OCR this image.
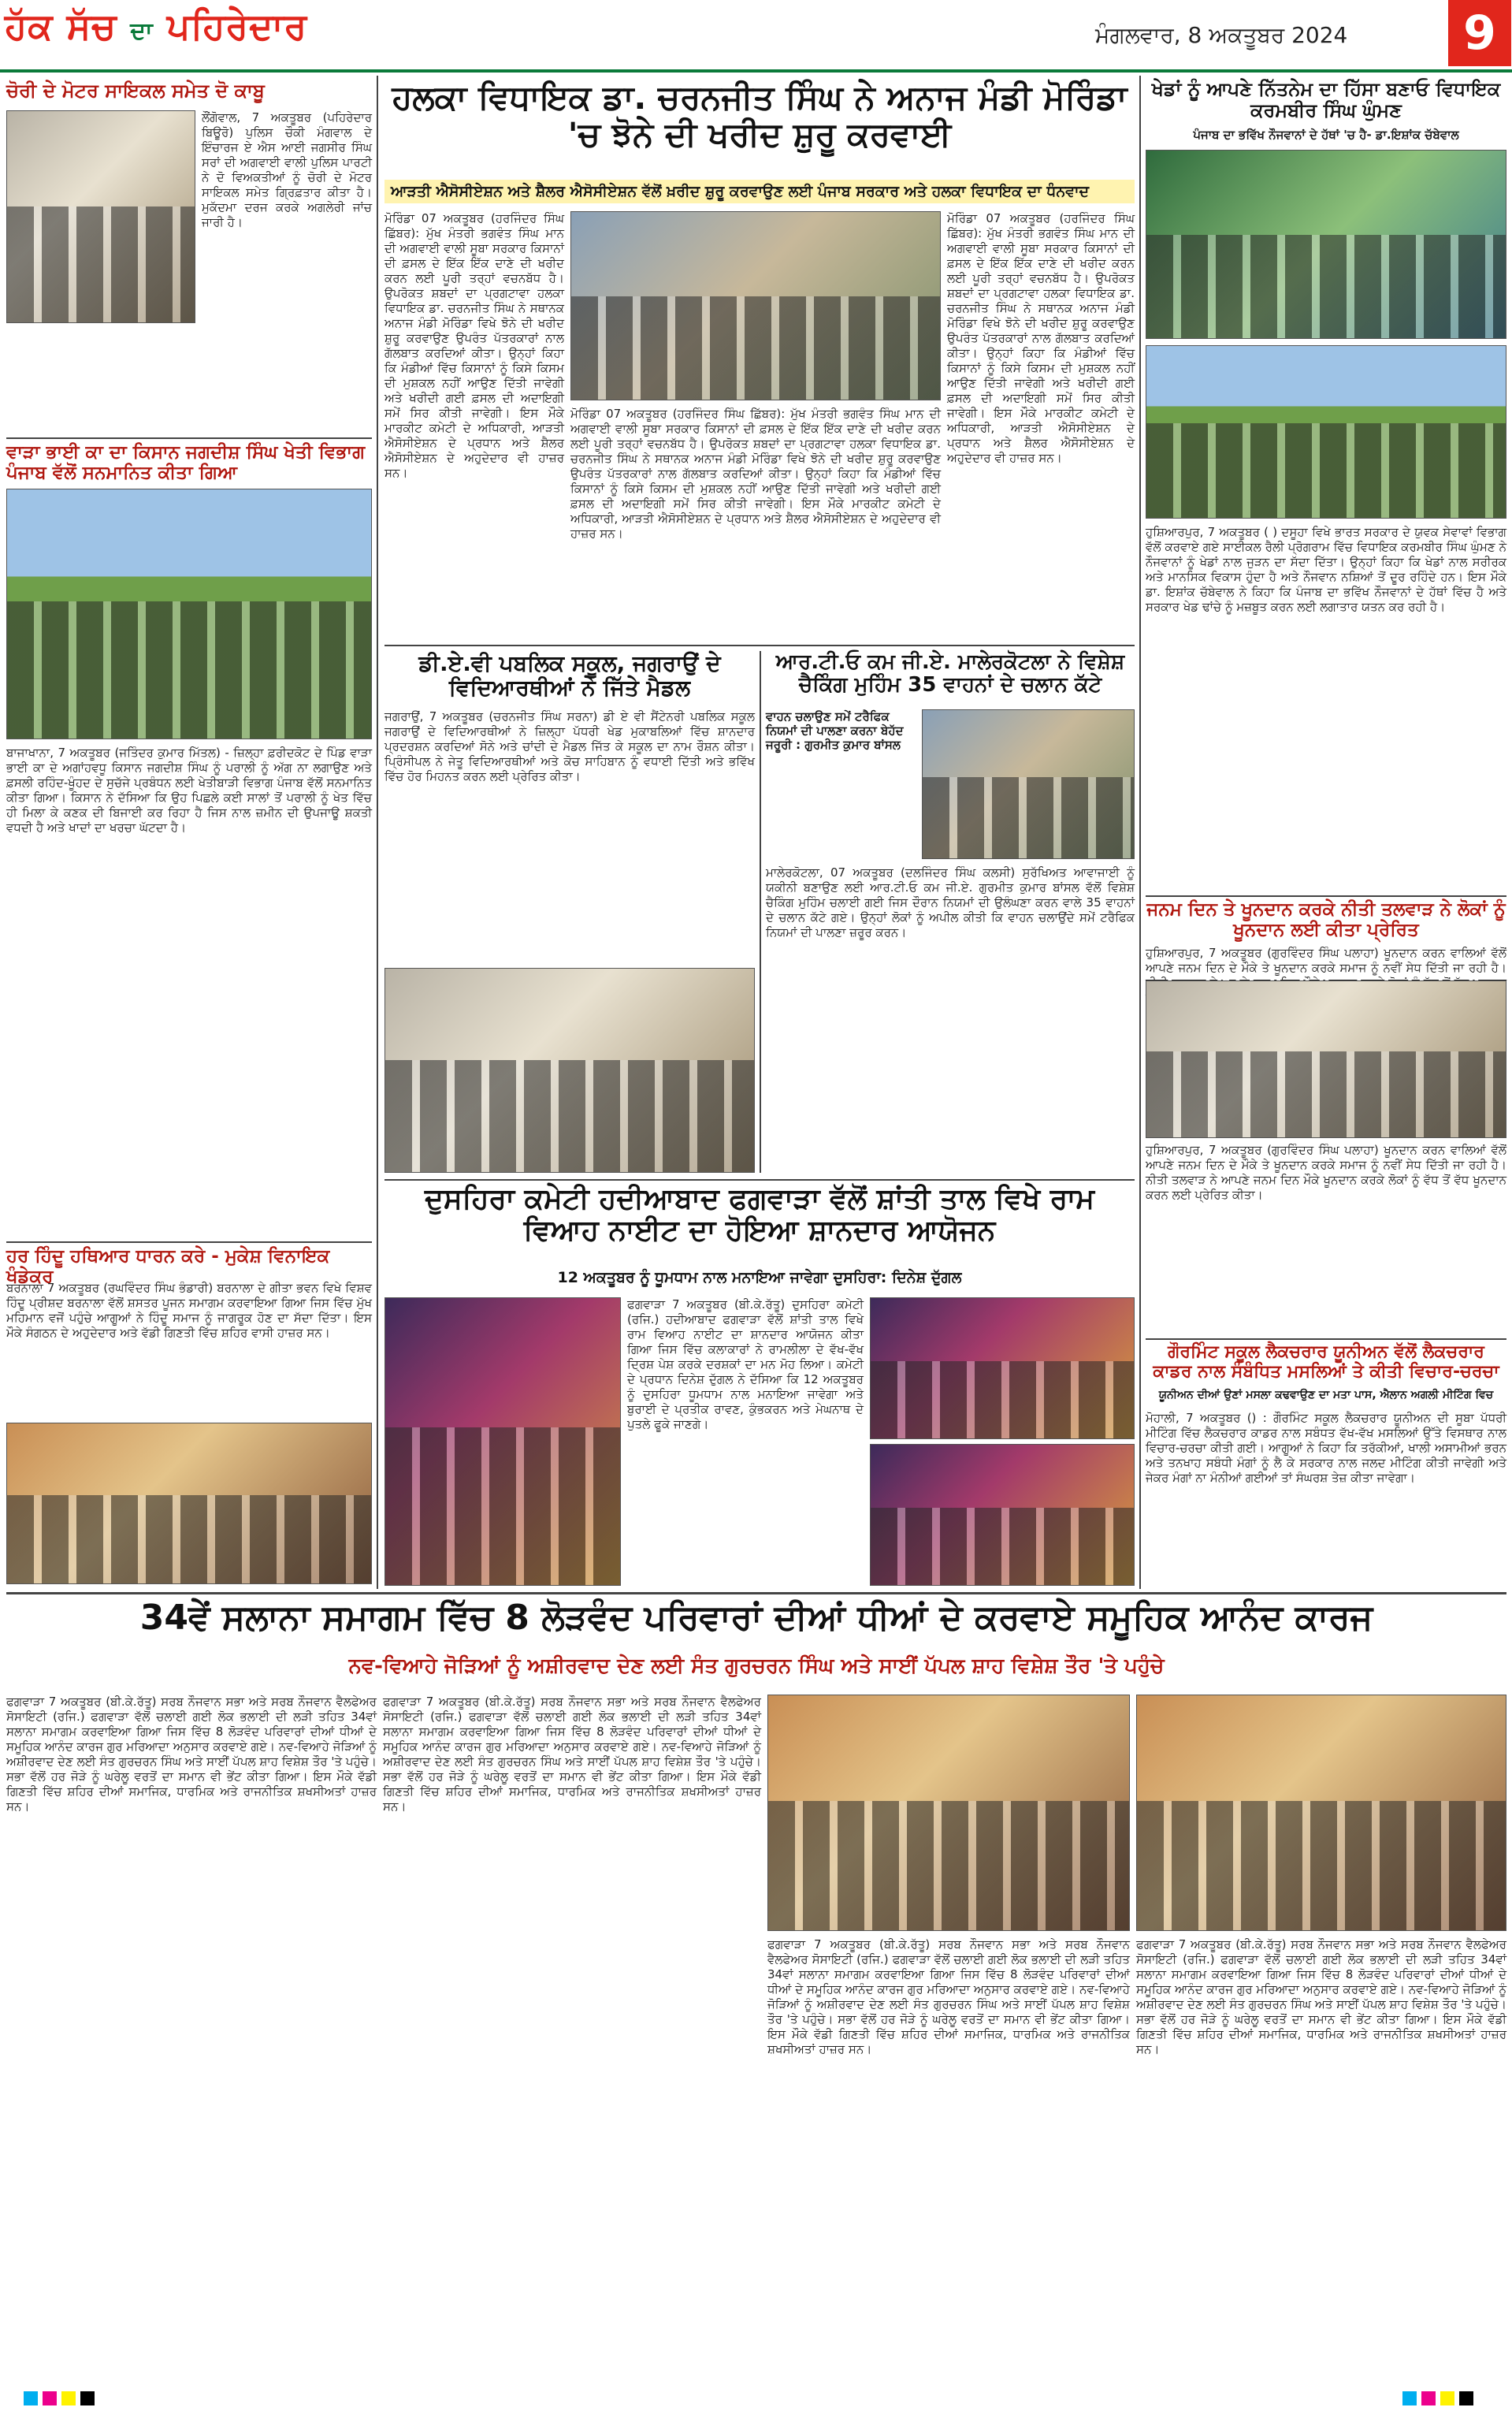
ਹੱਕ ਸੱਚ ਦਾ ਪਹਿਰੇਦਾਰ	ਮੰਗਲਵਾਰ, 8 ਅਕਤੂਬਰ 2024	9
ਚੋਰੀ ਦੇ ਮੋਟਰ ਸਾਇਕਲ ਸਮੇਤ ਦੋ ਕਾਬੂ
ਲੌਂਗੋਵਾਲ, 7 ਅਕਤੂਬਰ (ਪਹਿਰੇਦਾਰ ਬਿਊਰੋ) ਪੁਲਿਸ ਚੌਕੀ ਮੰਗਵਾਲ ਦੇ ਇੰਚਾਰਜ ਏ ਐਸ ਆਈ ਜਗਸੀਰ ਸਿੰਘ ਸਰਾਂ ਦੀ ਅਗਵਾਈ ਵਾਲੀ ਪੁਲਿਸ ਪਾਰਟੀ ਨੇ ਦੋ ਵਿਅਕਤੀਆਂ ਨੂੰ ਚੋਰੀ ਦੇ ਮੋਟਰ ਸਾਇਕਲ ਸਮੇਤ ਗ੍ਰਿਫ਼ਤਾਰ ਕੀਤਾ ਹੈ। ਮੁਕੱਦਮਾ ਦਰਜ ਕਰਕੇ ਅਗਲੇਰੀ ਜਾਂਚ ਜਾਰੀ ਹੈ।
ਵਾੜਾ ਭਾਈ ਕਾ ਦਾ ਕਿਸਾਨ ਜਗਦੀਸ਼ ਸਿੰਘ ਖੇਤੀ ਵਿਭਾਗ ਪੰਜਾਬ ਵੱਲੋਂ ਸਨਮਾਨਿਤ ਕੀਤਾ ਗਿਆ
ਬਾਜਾਖਾਨਾ, 7 ਅਕਤੂਬਰ (ਜਤਿੰਦਰ ਕੁਮਾਰ ਮਿੱਤਲ) - ਜ਼ਿਲ੍ਹਾ ਫ਼ਰੀਦਕੋਟ ਦੇ ਪਿੰਡ ਵਾੜਾ ਭਾਈ ਕਾ ਦੇ ਅਗਾਂਹਵਧੂ ਕਿਸਾਨ ਜਗਦੀਸ਼ ਸਿੰਘ ਨੂੰ ਪਰਾਲੀ ਨੂੰ ਅੱਗ ਨਾ ਲਗਾਉਣ ਅਤੇ ਫ਼ਸਲੀ ਰਹਿੰਦ-ਖੂੰਹਦ ਦੇ ਸੁਚੱਜੇ ਪ੍ਰਬੰਧਨ ਲਈ ਖੇਤੀਬਾੜੀ ਵਿਭਾਗ ਪੰਜਾਬ ਵੱਲੋਂ ਸਨਮਾਨਿਤ ਕੀਤਾ ਗਿਆ। ਕਿਸਾਨ ਨੇ ਦੱਸਿਆ ਕਿ ਉਹ ਪਿਛਲੇ ਕਈ ਸਾਲਾਂ ਤੋਂ ਪਰਾਲੀ ਨੂੰ ਖੇਤ ਵਿੱਚ ਹੀ ਮਿਲਾ ਕੇ ਕਣਕ ਦੀ ਬਿਜਾਈ ਕਰ ਰਿਹਾ ਹੈ ਜਿਸ ਨਾਲ ਜ਼ਮੀਨ ਦੀ ਉਪਜਾਊ ਸ਼ਕਤੀ ਵਧਦੀ ਹੈ ਅਤੇ ਖਾਦਾਂ ਦਾ ਖਰਚਾ ਘੱਟਦਾ ਹੈ।
ਹਰ ਹਿੰਦੂ ਹਥਿਆਰ ਧਾਰਨ ਕਰੇ - ਮੁਕੇਸ਼ ਵਿਨਾਇਕ ਖੰਡੇਕਰ
ਬਰਨਾਲਾ 7 ਅਕਤੂਬਰ (ਰਘਵਿੰਦਰ ਸਿੰਘ ਭੰਡਾਰੀ) ਬਰਨਾਲਾ ਦੇ ਗੀਤਾ ਭਵਨ ਵਿਖੇ ਵਿਸ਼ਵ ਹਿੰਦੂ ਪ੍ਰੀਸ਼ਦ ਬਰਨਾਲਾ ਵੱਲੋਂ ਸ਼ਸਤਰ ਪੂਜਨ ਸਮਾਗਮ ਕਰਵਾਇਆ ਗਿਆ ਜਿਸ ਵਿੱਚ ਮੁੱਖ ਮਹਿਮਾਨ ਵਜੋਂ ਪਹੁੰਚੇ ਆਗੂਆਂ ਨੇ ਹਿੰਦੂ ਸਮਾਜ ਨੂੰ ਜਾਗਰੂਕ ਹੋਣ ਦਾ ਸੱਦਾ ਦਿੱਤਾ। ਇਸ ਮੌਕੇ ਸੰਗਠਨ ਦੇ ਅਹੁਦੇਦਾਰ ਅਤੇ ਵੱਡੀ ਗਿਣਤੀ ਵਿੱਚ ਸ਼ਹਿਰ ਵਾਸੀ ਹਾਜ਼ਰ ਸਨ।
ਹਲਕਾ ਵਿਧਾਇਕ ਡਾ. ਚਰਨਜੀਤ ਸਿੰਘ ਨੇ ਅਨਾਜ ਮੰਡੀ ਮੋਰਿੰਡਾ 'ਚ ਝੋਨੇ ਦੀ ਖਰੀਦ ਸ਼ੁਰੂ ਕਰਵਾਈ
ਆੜਤੀ ਐਸੋਸੀਏਸ਼ਨ ਅਤੇ ਸ਼ੈਲਰ ਐਸੋਸੀਏਸ਼ਨ ਵੱਲੋਂ ਖ਼ਰੀਦ ਸ਼ੁਰੂ ਕਰਵਾਉਣ ਲਈ ਪੰਜਾਬ ਸਰਕਾਰ ਅਤੇ ਹਲਕਾ ਵਿਧਾਇਕ ਦਾ ਧੰਨਵਾਦ
ਮੋਰਿੰਡਾ 07 ਅਕਤੂਬਰ (ਹਰਜਿੰਦਰ ਸਿੰਘ ਛਿੱਬਰ): ਮੁੱਖ ਮੰਤਰੀ ਭਗਵੰਤ ਸਿੰਘ ਮਾਨ ਦੀ ਅਗਵਾਈ ਵਾਲੀ ਸੂਬਾ ਸਰਕਾਰ ਕਿਸਾਨਾਂ ਦੀ ਫ਼ਸਲ ਦੇ ਇੱਕ ਇੱਕ ਦਾਣੇ ਦੀ ਖਰੀਦ ਕਰਨ ਲਈ ਪੂਰੀ ਤਰ੍ਹਾਂ ਵਚਨਬੱਧ ਹੈ। ਉਪਰੋਕਤ ਸ਼ਬਦਾਂ ਦਾ ਪ੍ਰਗਟਾਵਾ ਹਲਕਾ ਵਿਧਾਇਕ ਡਾ. ਚਰਨਜੀਤ ਸਿੰਘ ਨੇ ਸਥਾਨਕ ਅਨਾਜ ਮੰਡੀ ਮੋਰਿੰਡਾ ਵਿਖੇ ਝੋਨੇ ਦੀ ਖਰੀਦ ਸ਼ੁਰੂ ਕਰਵਾਉਣ ਉਪਰੰਤ ਪੱਤਰਕਾਰਾਂ ਨਾਲ ਗੱਲਬਾਤ ਕਰਦਿਆਂ ਕੀਤਾ। ਉਨ੍ਹਾਂ ਕਿਹਾ ਕਿ ਮੰਡੀਆਂ ਵਿੱਚ ਕਿਸਾਨਾਂ ਨੂੰ ਕਿਸੇ ਕਿਸਮ ਦੀ ਮੁਸ਼ਕਲ ਨਹੀਂ ਆਉਣ ਦਿੱਤੀ ਜਾਵੇਗੀ ਅਤੇ ਖਰੀਦੀ ਗਈ ਫ਼ਸਲ ਦੀ ਅਦਾਇਗੀ ਸਮੇਂ ਸਿਰ ਕੀਤੀ ਜਾਵੇਗੀ। ਇਸ ਮੌਕੇ ਮਾਰਕੀਟ ਕਮੇਟੀ ਦੇ ਅਧਿਕਾਰੀ, ਆੜਤੀ ਐਸੋਸੀਏਸ਼ਨ ਦੇ ਪ੍ਰਧਾਨ ਅਤੇ ਸ਼ੈਲਰ ਐਸੋਸੀਏਸ਼ਨ ਦੇ ਅਹੁਦੇਦਾਰ ਵੀ ਹਾਜ਼ਰ ਸਨ।
ਮੋਰਿੰਡਾ 07 ਅਕਤੂਬਰ (ਹਰਜਿੰਦਰ ਸਿੰਘ ਛਿੱਬਰ): ਮੁੱਖ ਮੰਤਰੀ ਭਗਵੰਤ ਸਿੰਘ ਮਾਨ ਦੀ ਅਗਵਾਈ ਵਾਲੀ ਸੂਬਾ ਸਰਕਾਰ ਕਿਸਾਨਾਂ ਦੀ ਫ਼ਸਲ ਦੇ ਇੱਕ ਇੱਕ ਦਾਣੇ ਦੀ ਖਰੀਦ ਕਰਨ ਲਈ ਪੂਰੀ ਤਰ੍ਹਾਂ ਵਚਨਬੱਧ ਹੈ। ਉਪਰੋਕਤ ਸ਼ਬਦਾਂ ਦਾ ਪ੍ਰਗਟਾਵਾ ਹਲਕਾ ਵਿਧਾਇਕ ਡਾ. ਚਰਨਜੀਤ ਸਿੰਘ ਨੇ ਸਥਾਨਕ ਅਨਾਜ ਮੰਡੀ ਮੋਰਿੰਡਾ ਵਿਖੇ ਝੋਨੇ ਦੀ ਖਰੀਦ ਸ਼ੁਰੂ ਕਰਵਾਉਣ ਉਪਰੰਤ ਪੱਤਰਕਾਰਾਂ ਨਾਲ ਗੱਲਬਾਤ ਕਰਦਿਆਂ ਕੀਤਾ। ਉਨ੍ਹਾਂ ਕਿਹਾ ਕਿ ਮੰਡੀਆਂ ਵਿੱਚ ਕਿਸਾਨਾਂ ਨੂੰ ਕਿਸੇ ਕਿਸਮ ਦੀ ਮੁਸ਼ਕਲ ਨਹੀਂ ਆਉਣ ਦਿੱਤੀ ਜਾਵੇਗੀ ਅਤੇ ਖਰੀਦੀ ਗਈ ਫ਼ਸਲ ਦੀ ਅਦਾਇਗੀ ਸਮੇਂ ਸਿਰ ਕੀਤੀ ਜਾਵੇਗੀ। ਇਸ ਮੌਕੇ ਮਾਰਕੀਟ ਕਮੇਟੀ ਦੇ ਅਧਿਕਾਰੀ, ਆੜਤੀ ਐਸੋਸੀਏਸ਼ਨ ਦੇ ਪ੍ਰਧਾਨ ਅਤੇ ਸ਼ੈਲਰ ਐਸੋਸੀਏਸ਼ਨ ਦੇ ਅਹੁਦੇਦਾਰ ਵੀ ਹਾਜ਼ਰ ਸਨ।
ਮੋਰਿੰਡਾ 07 ਅਕਤੂਬਰ (ਹਰਜਿੰਦਰ ਸਿੰਘ ਛਿੱਬਰ): ਮੁੱਖ ਮੰਤਰੀ ਭਗਵੰਤ ਸਿੰਘ ਮਾਨ ਦੀ ਅਗਵਾਈ ਵਾਲੀ ਸੂਬਾ ਸਰਕਾਰ ਕਿਸਾਨਾਂ ਦੀ ਫ਼ਸਲ ਦੇ ਇੱਕ ਇੱਕ ਦਾਣੇ ਦੀ ਖਰੀਦ ਕਰਨ ਲਈ ਪੂਰੀ ਤਰ੍ਹਾਂ ਵਚਨਬੱਧ ਹੈ। ਉਪਰੋਕਤ ਸ਼ਬਦਾਂ ਦਾ ਪ੍ਰਗਟਾਵਾ ਹਲਕਾ ਵਿਧਾਇਕ ਡਾ. ਚਰਨਜੀਤ ਸਿੰਘ ਨੇ ਸਥਾਨਕ ਅਨਾਜ ਮੰਡੀ ਮੋਰਿੰਡਾ ਵਿਖੇ ਝੋਨੇ ਦੀ ਖਰੀਦ ਸ਼ੁਰੂ ਕਰਵਾਉਣ ਉਪਰੰਤ ਪੱਤਰਕਾਰਾਂ ਨਾਲ ਗੱਲਬਾਤ ਕਰਦਿਆਂ ਕੀਤਾ। ਉਨ੍ਹਾਂ ਕਿਹਾ ਕਿ ਮੰਡੀਆਂ ਵਿੱਚ ਕਿਸਾਨਾਂ ਨੂੰ ਕਿਸੇ ਕਿਸਮ ਦੀ ਮੁਸ਼ਕਲ ਨਹੀਂ ਆਉਣ ਦਿੱਤੀ ਜਾਵੇਗੀ ਅਤੇ ਖਰੀਦੀ ਗਈ ਫ਼ਸਲ ਦੀ ਅਦਾਇਗੀ ਸਮੇਂ ਸਿਰ ਕੀਤੀ ਜਾਵੇਗੀ। ਇਸ ਮੌਕੇ ਮਾਰਕੀਟ ਕਮੇਟੀ ਦੇ ਅਧਿਕਾਰੀ, ਆੜਤੀ ਐਸੋਸੀਏਸ਼ਨ ਦੇ ਪ੍ਰਧਾਨ ਅਤੇ ਸ਼ੈਲਰ ਐਸੋਸੀਏਸ਼ਨ ਦੇ ਅਹੁਦੇਦਾਰ ਵੀ ਹਾਜ਼ਰ ਸਨ।
ਡੀ.ਏ.ਵੀ ਪਬਲਿਕ ਸਕੂਲ, ਜਗਰਾਉਂ ਦੇ ਵਿਦਿਆਰਥੀਆਂ ਨੇ ਜਿੱਤੇ ਮੈਡਲ
ਜਗਰਾਉਂ, 7 ਅਕਤੂਬਰ (ਚਰਨਜੀਤ ਸਿੰਘ ਸਰਨਾ) ਡੀ ਏ ਵੀ ਸੈਂਟੇਨਰੀ ਪਬਲਿਕ ਸਕੂਲ ਜਗਰਾਉਂ ਦੇ ਵਿਦਿਆਰਥੀਆਂ ਨੇ ਜ਼ਿਲ੍ਹਾ ਪੱਧਰੀ ਖੇਡ ਮੁਕਾਬਲਿਆਂ ਵਿੱਚ ਸ਼ਾਨਦਾਰ ਪ੍ਰਦਰਸ਼ਨ ਕਰਦਿਆਂ ਸੋਨੇ ਅਤੇ ਚਾਂਦੀ ਦੇ ਮੈਡਲ ਜਿੱਤ ਕੇ ਸਕੂਲ ਦਾ ਨਾਮ ਰੌਸ਼ਨ ਕੀਤਾ। ਪ੍ਰਿੰਸੀਪਲ ਨੇ ਜੇਤੂ ਵਿਦਿਆਰਥੀਆਂ ਅਤੇ ਕੋਚ ਸਾਹਿਬਾਨ ਨੂੰ ਵਧਾਈ ਦਿੱਤੀ ਅਤੇ ਭਵਿੱਖ ਵਿੱਚ ਹੋਰ ਮਿਹਨਤ ਕਰਨ ਲਈ ਪ੍ਰੇਰਿਤ ਕੀਤਾ।
ਆਰ.ਟੀ.ਓ ਕਮ ਜੀ.ਏ. ਮਾਲੇਰਕੋਟਲਾ ਨੇ ਵਿਸ਼ੇਸ਼ ਚੈਕਿੰਗ ਮੁਹਿੰਮ 35 ਵਾਹਨਾਂ ਦੇ ਚਲਾਨ ਕੱਟੇ
ਵਾਹਨ ਚਲਾਉਣ ਸਮੇਂ ਟਰੈਫਿਕ ਨਿਯਮਾਂ ਦੀ ਪਾਲਣਾ ਕਰਨਾ ਬੇਹੱਦ ਜਰੂਰੀ : ਗੁਰਮੀਤ ਕੁਮਾਰ ਬਾਂਸਲ
ਮਾਲੇਰਕੋਟਲਾ, 07 ਅਕਤੂਬਰ (ਦਲਜਿੰਦਰ ਸਿੰਘ ਕਲਸੀ) ਸੁਰੱਖਿਅਤ ਆਵਾਜਾਈ ਨੂੰ ਯਕੀਨੀ ਬਣਾਉਣ ਲਈ ਆਰ.ਟੀ.ਓ ਕਮ ਜੀ.ਏ. ਗੁਰਮੀਤ ਕੁਮਾਰ ਬਾਂਸਲ ਵੱਲੋਂ ਵਿਸ਼ੇਸ਼ ਚੈਕਿੰਗ ਮੁਹਿੰਮ ਚਲਾਈ ਗਈ ਜਿਸ ਦੌਰਾਨ ਨਿਯਮਾਂ ਦੀ ਉਲੰਘਣਾ ਕਰਨ ਵਾਲੇ 35 ਵਾਹਨਾਂ ਦੇ ਚਲਾਨ ਕੱਟੇ ਗਏ। ਉਨ੍ਹਾਂ ਲੋਕਾਂ ਨੂੰ ਅਪੀਲ ਕੀਤੀ ਕਿ ਵਾਹਨ ਚਲਾਉਂਦੇ ਸਮੇਂ ਟਰੈਫਿਕ ਨਿਯਮਾਂ ਦੀ ਪਾਲਣਾ ਜ਼ਰੂਰ ਕਰਨ।
ਦੁਸਹਿਰਾ ਕਮੇਟੀ ਹਦੀਆਬਾਦ ਫਗਵਾੜਾ ਵੱਲੋਂ ਸ਼ਾਂਤੀ ਤਾਲ ਵਿਖੇ ਰਾਮ ਵਿਆਹ ਨਾਈਟ ਦਾ ਹੋਇਆ ਸ਼ਾਨਦਾਰ ਆਯੋਜਨ
12 ਅਕਤੂਬਰ ਨੂੰ ਧੂਮਧਾਮ ਨਾਲ ਮਨਾਇਆ ਜਾਵੇਗਾ ਦੁਸਹਿਰਾ: ਦਿਨੇਸ਼ ਦੁੱਗਲ
ਫਗਵਾੜਾ 7 ਅਕਤੂਬਰ (ਬੀ.ਕੇ.ਰੱਤੂ) ਦੁਸਹਿਰਾ ਕਮੇਟੀ (ਰਜਿ.) ਹਦੀਆਬਾਦ ਫਗਵਾੜਾ ਵੱਲੋਂ ਸ਼ਾਂਤੀ ਤਾਲ ਵਿਖੇ ਰਾਮ ਵਿਆਹ ਨਾਈਟ ਦਾ ਸ਼ਾਨਦਾਰ ਆਯੋਜਨ ਕੀਤਾ ਗਿਆ ਜਿਸ ਵਿੱਚ ਕਲਾਕਾਰਾਂ ਨੇ ਰਾਮਲੀਲਾ ਦੇ ਵੱਖ-ਵੱਖ ਦ੍ਰਿਸ਼ ਪੇਸ਼ ਕਰਕੇ ਦਰਸ਼ਕਾਂ ਦਾ ਮਨ ਮੋਹ ਲਿਆ। ਕਮੇਟੀ ਦੇ ਪ੍ਰਧਾਨ ਦਿਨੇਸ਼ ਦੁੱਗਲ ਨੇ ਦੱਸਿਆ ਕਿ 12 ਅਕਤੂਬਰ ਨੂੰ ਦੁਸਹਿਰਾ ਧੂਮਧਾਮ ਨਾਲ ਮਨਾਇਆ ਜਾਵੇਗਾ ਅਤੇ ਬੁਰਾਈ ਦੇ ਪ੍ਰਤੀਕ ਰਾਵਣ, ਕੁੰਭਕਰਨ ਅਤੇ ਮੇਘਨਾਥ ਦੇ ਪੁਤਲੇ ਫੂਕੇ ਜਾਣਗੇ।
ਖੇਡਾਂ ਨੂੰ ਆਪਣੇ ਨਿੱਤਨੇਮ ਦਾ ਹਿੱਸਾ ਬਣਾਓ ਵਿਧਾਇਕ ਕਰਮਬੀਰ ਸਿੰਘ ਘੁੰਮਣ
ਪੰਜਾਬ ਦਾ ਭਵਿੱਖ ਨੌਜਵਾਨਾਂ ਦੇ ਹੱਥਾਂ 'ਚ ਹੈ- ਡਾ.ਇਸ਼ਾਂਕ ਚੱਬੇਵਾਲ
ਹੁਸ਼ਿਆਰਪੁਰ, 7 ਅਕਤੂਬਰ ( ) ਦਸੂਹਾ ਵਿਖੇ ਭਾਰਤ ਸਰਕਾਰ ਦੇ ਯੁਵਕ ਸੇਵਾਵਾਂ ਵਿਭਾਗ ਵੱਲੋਂ ਕਰਵਾਏ ਗਏ ਸਾਈਕਲ ਰੈਲੀ ਪ੍ਰੋਗਰਾਮ ਵਿੱਚ ਵਿਧਾਇਕ ਕਰਮਬੀਰ ਸਿੰਘ ਘੁੰਮਣ ਨੇ ਨੌਜਵਾਨਾਂ ਨੂੰ ਖੇਡਾਂ ਨਾਲ ਜੁੜਨ ਦਾ ਸੱਦਾ ਦਿੱਤਾ। ਉਨ੍ਹਾਂ ਕਿਹਾ ਕਿ ਖੇਡਾਂ ਨਾਲ ਸਰੀਰਕ ਅਤੇ ਮਾਨਸਿਕ ਵਿਕਾਸ ਹੁੰਦਾ ਹੈ ਅਤੇ ਨੌਜਵਾਨ ਨਸ਼ਿਆਂ ਤੋਂ ਦੂਰ ਰਹਿੰਦੇ ਹਨ। ਇਸ ਮੌਕੇ ਡਾ. ਇਸ਼ਾਂਕ ਚੱਬੇਵਾਲ ਨੇ ਕਿਹਾ ਕਿ ਪੰਜਾਬ ਦਾ ਭਵਿੱਖ ਨੌਜਵਾਨਾਂ ਦੇ ਹੱਥਾਂ ਵਿੱਚ ਹੈ ਅਤੇ ਸਰਕਾਰ ਖੇਡ ਢਾਂਚੇ ਨੂੰ ਮਜ਼ਬੂਤ ਕਰਨ ਲਈ ਲਗਾਤਾਰ ਯਤਨ ਕਰ ਰਹੀ ਹੈ।
ਜਨਮ ਦਿਨ ਤੇ ਖੂਨਦਾਨ ਕਰਕੇ ਨੀਤੀ ਤਲਵਾੜ ਨੇ ਲੋਕਾਂ ਨੂੰ ਖੂਨਦਾਨ ਲਈ ਕੀਤਾ ਪ੍ਰੇਰਿਤ
ਹੁਸ਼ਿਆਰਪੁਰ, 7 ਅਕਤੂਬਰ (ਗੁਰਵਿੰਦਰ ਸਿੰਘ ਪਲਾਹਾ) ਖੂਨਦਾਨ ਕਰਨ ਵਾਲਿਆਂ ਵੱਲੋਂ ਆਪਣੇ ਜਨਮ ਦਿਨ ਦੇ ਮੌਕੇ ਤੇ ਖੂਨਦਾਨ ਕਰਕੇ ਸਮਾਜ ਨੂੰ ਨਵੀਂ ਸੇਧ ਦਿੱਤੀ ਜਾ ਰਹੀ ਹੈ।
ਹੁਸ਼ਿਆਰਪੁਰ, 7 ਅਕਤੂਬਰ (ਗੁਰਵਿੰਦਰ ਸਿੰਘ ਪਲਾਹਾ) ਖੂਨਦਾਨ ਕਰਨ ਵਾਲਿਆਂ ਵੱਲੋਂ ਆਪਣੇ ਜਨਮ ਦਿਨ ਦੇ ਮੌਕੇ ਤੇ ਖੂਨਦਾਨ ਕਰਕੇ ਸਮਾਜ ਨੂੰ ਨਵੀਂ ਸੇਧ ਦਿੱਤੀ ਜਾ ਰਹੀ ਹੈ। ਨੀਤੀ ਤਲਵਾੜ ਨੇ ਆਪਣੇ ਜਨਮ ਦਿਨ ਮੌਕੇ ਖੂਨਦਾਨ ਕਰਕੇ ਲੋਕਾਂ ਨੂੰ ਵੱਧ ਤੋਂ ਵੱਧ ਖੂਨਦਾਨ ਕਰਨ ਲਈ ਪ੍ਰੇਰਿਤ ਕੀਤਾ।
ਗੌਰਮਿੰਟ ਸਕੂਲ ਲੈਕਚਰਾਰ ਯੂਨੀਅਨ ਵੱਲੋਂ ਲੈਕਚਰਾਰ ਕਾਡਰ ਨਾਲ ਸੰਬੰਧਿਤ ਮਸਲਿਆਂ ਤੇ ਕੀਤੀ ਵਿਚਾਰ-ਚਰਚਾ
ਯੂਨੀਅਨ ਦੀਆਂ ਉਣਾਂ ਮਸਲਾ ਕਢਵਾਉਣ ਦਾ ਮਤਾ ਪਾਸ, ਐਲਾਨ ਅਗਲੀ ਮੀਟਿੰਗ ਵਿਚ
ਮੋਹਾਲੀ, 7 ਅਕਤੂਬਰ () : ਗੌਰਮਿੰਟ ਸਕੂਲ ਲੈਕਚਰਾਰ ਯੂਨੀਅਨ ਦੀ ਸੂਬਾ ਪੱਧਰੀ ਮੀਟਿੰਗ ਵਿੱਚ ਲੈਕਚਰਾਰ ਕਾਡਰ ਨਾਲ ਸਬੰਧਤ ਵੱਖ-ਵੱਖ ਮਸਲਿਆਂ ਉੱਤੇ ਵਿਸਥਾਰ ਨਾਲ ਵਿਚਾਰ-ਚਰਚਾ ਕੀਤੀ ਗਈ। ਆਗੂਆਂ ਨੇ ਕਿਹਾ ਕਿ ਤਰੱਕੀਆਂ, ਖਾਲੀ ਅਸਾਮੀਆਂ ਭਰਨ ਅਤੇ ਤਨਖਾਹ ਸਬੰਧੀ ਮੰਗਾਂ ਨੂੰ ਲੈ ਕੇ ਸਰਕਾਰ ਨਾਲ ਜਲਦ ਮੀਟਿੰਗ ਕੀਤੀ ਜਾਵੇਗੀ ਅਤੇ ਜੇਕਰ ਮੰਗਾਂ ਨਾ ਮੰਨੀਆਂ ਗਈਆਂ ਤਾਂ ਸੰਘਰਸ਼ ਤੇਜ਼ ਕੀਤਾ ਜਾਵੇਗਾ।
34ਵੇਂ ਸਲਾਨਾ ਸਮਾਗਮ ਵਿੱਚ 8 ਲੋੜਵੰਦ ਪਰਿਵਾਰਾਂ ਦੀਆਂ ਧੀਆਂ ਦੇ ਕਰਵਾਏ ਸਮੂਹਿਕ ਆਨੰਦ ਕਾਰਜ
ਨਵ-ਵਿਆਹੇ ਜੋੜਿਆਂ ਨੂੰ ਅਸ਼ੀਰਵਾਦ ਦੇਣ ਲਈ ਸੰਤ ਗੁਰਚਰਨ ਸਿੰਘ ਅਤੇ ਸਾਈਂ ਪੱਪਲ ਸ਼ਾਹ ਵਿਸ਼ੇਸ਼ ਤੌਰ 'ਤੇ ਪਹੁੰਚੇ
ਫਗਵਾੜਾ 7 ਅਕਤੂਬਰ (ਬੀ.ਕੇ.ਰੱਤੂ) ਸਰਬ ਨੌਜਵਾਨ ਸਭਾ ਅਤੇ ਸਰਬ ਨੌਜਵਾਨ ਵੈਲਫੇਅਰ ਸੋਸਾਇਟੀ (ਰਜਿ.) ਫਗਵਾੜਾ ਵੱਲੋਂ ਚਲਾਈ ਗਈ ਲੋਕ ਭਲਾਈ ਦੀ ਲੜੀ ਤਹਿਤ 34ਵਾਂ ਸਲਾਨਾ ਸਮਾਗਮ ਕਰਵਾਇਆ ਗਿਆ ਜਿਸ ਵਿੱਚ 8 ਲੋੜਵੰਦ ਪਰਿਵਾਰਾਂ ਦੀਆਂ ਧੀਆਂ ਦੇ ਸਮੂਹਿਕ ਆਨੰਦ ਕਾਰਜ ਗੁਰ ਮਰਿਆਦਾ ਅਨੁਸਾਰ ਕਰਵਾਏ ਗਏ। ਨਵ-ਵਿਆਹੇ ਜੋੜਿਆਂ ਨੂੰ ਅਸ਼ੀਰਵਾਦ ਦੇਣ ਲਈ ਸੰਤ ਗੁਰਚਰਨ ਸਿੰਘ ਅਤੇ ਸਾਈਂ ਪੱਪਲ ਸ਼ਾਹ ਵਿਸ਼ੇਸ਼ ਤੌਰ 'ਤੇ ਪਹੁੰਚੇ। ਸਭਾ ਵੱਲੋਂ ਹਰ ਜੋੜੇ ਨੂੰ ਘਰੇਲੂ ਵਰਤੋਂ ਦਾ ਸਮਾਨ ਵੀ ਭੇਂਟ ਕੀਤਾ ਗਿਆ। ਇਸ ਮੌਕੇ ਵੱਡੀ ਗਿਣਤੀ ਵਿੱਚ ਸ਼ਹਿਰ ਦੀਆਂ ਸਮਾਜਿਕ, ਧਾਰਮਿਕ ਅਤੇ ਰਾਜਨੀਤਿਕ ਸ਼ਖਸੀਅਤਾਂ ਹਾਜ਼ਰ ਸਨ।
ਫਗਵਾੜਾ 7 ਅਕਤੂਬਰ (ਬੀ.ਕੇ.ਰੱਤੂ) ਸਰਬ ਨੌਜਵਾਨ ਸਭਾ ਅਤੇ ਸਰਬ ਨੌਜਵਾਨ ਵੈਲਫੇਅਰ ਸੋਸਾਇਟੀ (ਰਜਿ.) ਫਗਵਾੜਾ ਵੱਲੋਂ ਚਲਾਈ ਗਈ ਲੋਕ ਭਲਾਈ ਦੀ ਲੜੀ ਤਹਿਤ 34ਵਾਂ ਸਲਾਨਾ ਸਮਾਗਮ ਕਰਵਾਇਆ ਗਿਆ ਜਿਸ ਵਿੱਚ 8 ਲੋੜਵੰਦ ਪਰਿਵਾਰਾਂ ਦੀਆਂ ਧੀਆਂ ਦੇ ਸਮੂਹਿਕ ਆਨੰਦ ਕਾਰਜ ਗੁਰ ਮਰਿਆਦਾ ਅਨੁਸਾਰ ਕਰਵਾਏ ਗਏ। ਨਵ-ਵਿਆਹੇ ਜੋੜਿਆਂ ਨੂੰ ਅਸ਼ੀਰਵਾਦ ਦੇਣ ਲਈ ਸੰਤ ਗੁਰਚਰਨ ਸਿੰਘ ਅਤੇ ਸਾਈਂ ਪੱਪਲ ਸ਼ਾਹ ਵਿਸ਼ੇਸ਼ ਤੌਰ 'ਤੇ ਪਹੁੰਚੇ। ਸਭਾ ਵੱਲੋਂ ਹਰ ਜੋੜੇ ਨੂੰ ਘਰੇਲੂ ਵਰਤੋਂ ਦਾ ਸਮਾਨ ਵੀ ਭੇਂਟ ਕੀਤਾ ਗਿਆ। ਇਸ ਮੌਕੇ ਵੱਡੀ ਗਿਣਤੀ ਵਿੱਚ ਸ਼ਹਿਰ ਦੀਆਂ ਸਮਾਜਿਕ, ਧਾਰਮਿਕ ਅਤੇ ਰਾਜਨੀਤਿਕ ਸ਼ਖਸੀਅਤਾਂ ਹਾਜ਼ਰ ਸਨ।
ਫਗਵਾੜਾ 7 ਅਕਤੂਬਰ (ਬੀ.ਕੇ.ਰੱਤੂ) ਸਰਬ ਨੌਜਵਾਨ ਸਭਾ ਅਤੇ ਸਰਬ ਨੌਜਵਾਨ ਵੈਲਫੇਅਰ ਸੋਸਾਇਟੀ (ਰਜਿ.) ਫਗਵਾੜਾ ਵੱਲੋਂ ਚਲਾਈ ਗਈ ਲੋਕ ਭਲਾਈ ਦੀ ਲੜੀ ਤਹਿਤ 34ਵਾਂ ਸਲਾਨਾ ਸਮਾਗਮ ਕਰਵਾਇਆ ਗਿਆ ਜਿਸ ਵਿੱਚ 8 ਲੋੜਵੰਦ ਪਰਿਵਾਰਾਂ ਦੀਆਂ ਧੀਆਂ ਦੇ ਸਮੂਹਿਕ ਆਨੰਦ ਕਾਰਜ ਗੁਰ ਮਰਿਆਦਾ ਅਨੁਸਾਰ ਕਰਵਾਏ ਗਏ। ਨਵ-ਵਿਆਹੇ ਜੋੜਿਆਂ ਨੂੰ ਅਸ਼ੀਰਵਾਦ ਦੇਣ ਲਈ ਸੰਤ ਗੁਰਚਰਨ ਸਿੰਘ ਅਤੇ ਸਾਈਂ ਪੱਪਲ ਸ਼ਾਹ ਵਿਸ਼ੇਸ਼ ਤੌਰ 'ਤੇ ਪਹੁੰਚੇ। ਸਭਾ ਵੱਲੋਂ ਹਰ ਜੋੜੇ ਨੂੰ ਘਰੇਲੂ ਵਰਤੋਂ ਦਾ ਸਮਾਨ ਵੀ ਭੇਂਟ ਕੀਤਾ ਗਿਆ। ਇਸ ਮੌਕੇ ਵੱਡੀ ਗਿਣਤੀ ਵਿੱਚ ਸ਼ਹਿਰ ਦੀਆਂ ਸਮਾਜਿਕ, ਧਾਰਮਿਕ ਅਤੇ ਰਾਜਨੀਤਿਕ ਸ਼ਖਸੀਅਤਾਂ ਹਾਜ਼ਰ ਸਨ।
ਫਗਵਾੜਾ 7 ਅਕਤੂਬਰ (ਬੀ.ਕੇ.ਰੱਤੂ) ਸਰਬ ਨੌਜਵਾਨ ਸਭਾ ਅਤੇ ਸਰਬ ਨੌਜਵਾਨ ਵੈਲਫੇਅਰ ਸੋਸਾਇਟੀ (ਰਜਿ.) ਫਗਵਾੜਾ ਵੱਲੋਂ ਚਲਾਈ ਗਈ ਲੋਕ ਭਲਾਈ ਦੀ ਲੜੀ ਤਹਿਤ 34ਵਾਂ ਸਲਾਨਾ ਸਮਾਗਮ ਕਰਵਾਇਆ ਗਿਆ ਜਿਸ ਵਿੱਚ 8 ਲੋੜਵੰਦ ਪਰਿਵਾਰਾਂ ਦੀਆਂ ਧੀਆਂ ਦੇ ਸਮੂਹਿਕ ਆਨੰਦ ਕਾਰਜ ਗੁਰ ਮਰਿਆਦਾ ਅਨੁਸਾਰ ਕਰਵਾਏ ਗਏ। ਨਵ-ਵਿਆਹੇ ਜੋੜਿਆਂ ਨੂੰ ਅਸ਼ੀਰਵਾਦ ਦੇਣ ਲਈ ਸੰਤ ਗੁਰਚਰਨ ਸਿੰਘ ਅਤੇ ਸਾਈਂ ਪੱਪਲ ਸ਼ਾਹ ਵਿਸ਼ੇਸ਼ ਤੌਰ 'ਤੇ ਪਹੁੰਚੇ। ਸਭਾ ਵੱਲੋਂ ਹਰ ਜੋੜੇ ਨੂੰ ਘਰੇਲੂ ਵਰਤੋਂ ਦਾ ਸਮਾਨ ਵੀ ਭੇਂਟ ਕੀਤਾ ਗਿਆ। ਇਸ ਮੌਕੇ ਵੱਡੀ ਗਿਣਤੀ ਵਿੱਚ ਸ਼ਹਿਰ ਦੀਆਂ ਸਮਾਜਿਕ, ਧਾਰਮਿਕ ਅਤੇ ਰਾਜਨੀਤਿਕ ਸ਼ਖਸੀਅਤਾਂ ਹਾਜ਼ਰ ਸਨ।
